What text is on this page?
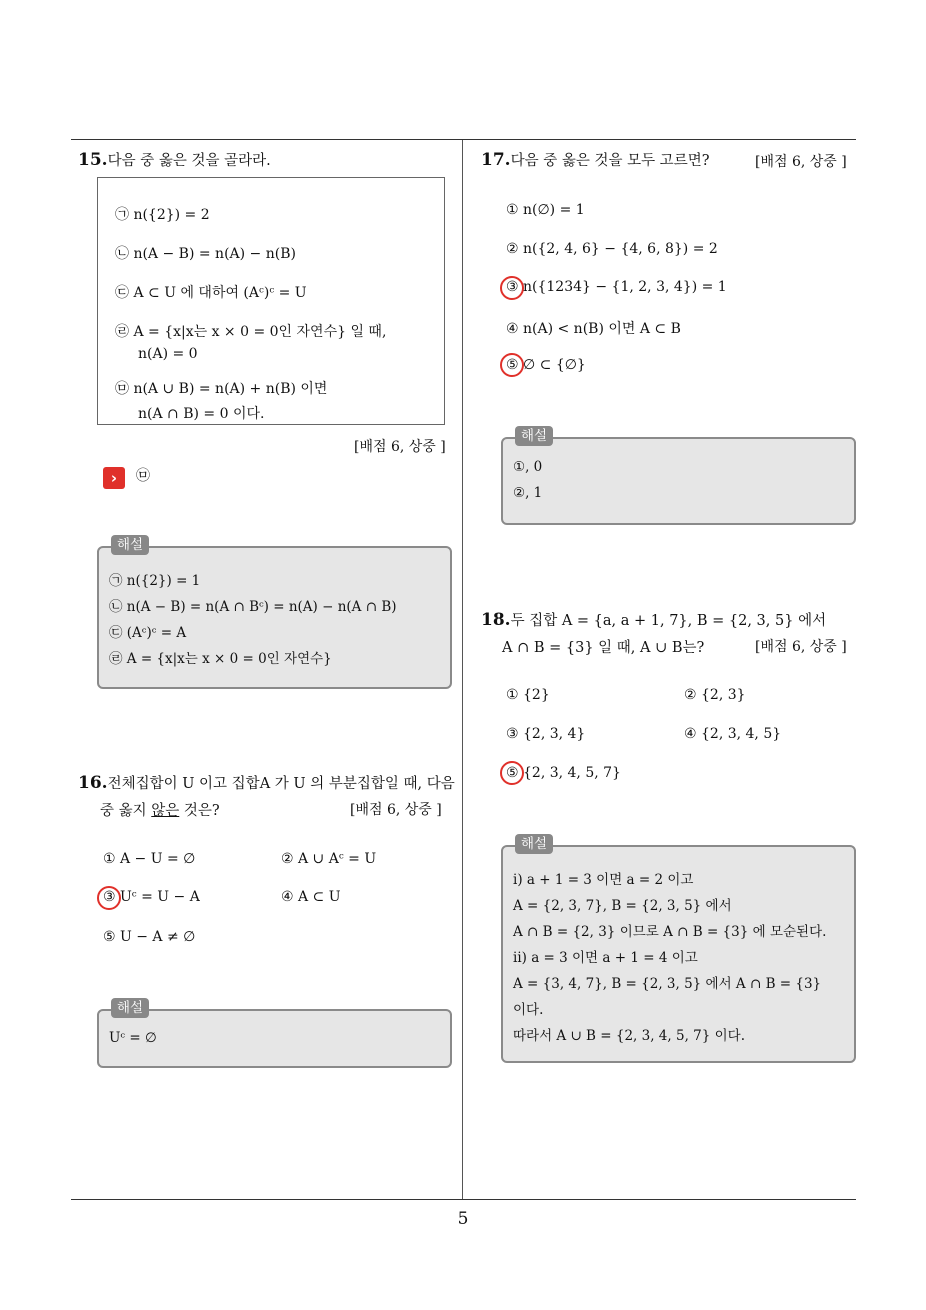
5
15.다음 중 옳은 것을 골라라.
㉠ n({2}) = 2
㉡ n(A − B) = n(A) − n(B)
㉢ A ⊂ U 에 대하여 (Aᶜ)ᶜ = U
㉣ A = {x|x는 x × 0 = 0인 자연수} 일 때,
n(A) = 0
㉤ n(A ∪ B) = n(A) + n(B) 이면
n(A ∩ B) = 0 이다.
[배점 6, 상중 ]
›	㉤
해설
㉠ n({2}) = 1
㉡ n(A − B) = n(A ∩ Bᶜ) = n(A) − n(A ∩ B)
㉢ (Aᶜ)ᶜ = A
㉣ A = {x|x는 x × 0 = 0인 자연수}
16.전체집합이 U 이고 집합A 가 U 의 부분집합일 때, 다음
중 옳지 않은 것은?	[배점 6, 상중 ]
① A − U = ∅	② A ∪ Aᶜ = U
③ Uᶜ = U − A	④ A ⊂ U
⑤ U − A ≠ ∅
해설
Uᶜ = ∅
17.다음 중 옳은 것을 모두 고르면?	[배점 6, 상중 ]
① n(∅) = 1
② n({2, 4, 6} − {4, 6, 8}) = 2
③ n({1234} − {1, 2, 3, 4}) = 1
④ n(A) < n(B) 이면 A ⊂ B
⑤ ∅ ⊂ {∅}
해설
①, 0
②, 1
18.두 집합 A = {a, a + 1, 7}, B = {2, 3, 5} 에서
A ∩ B = {3} 일 때, A ∪ B는?	[배점 6, 상중 ]
① {2}	② {2, 3}
③ {2, 3, 4}	④ {2, 3, 4, 5}
⑤ {2, 3, 4, 5, 7}
해설
ⅰ) a + 1 = 3 이면 a = 2 이고
A = {2, 3, 7}, B = {2, 3, 5} 에서
A ∩ B = {2, 3} 이므로 A ∩ B = {3} 에 모순된다.
ⅱ) a = 3 이면 a + 1 = 4 이고
A = {3, 4, 7}, B = {2, 3, 5} 에서 A ∩ B = {3}
이다.
따라서 A ∪ B = {2, 3, 4, 5, 7} 이다.
